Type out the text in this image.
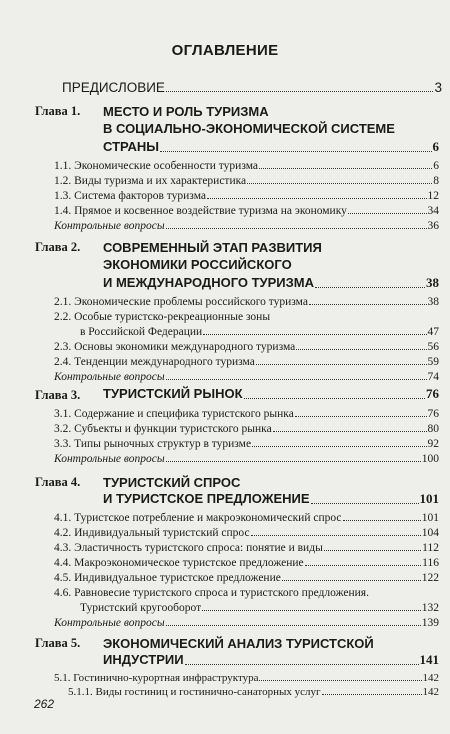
ОГЛАВЛЕНИЕ
ПРЕДИСЛОВИЕ	3
Глава 1. МЕСТО И РОЛЬ ТУРИЗМА
В СОЦИАЛЬНО-ЭКОНОМИЧЕСКОЙ СИСТЕМЕ
СТРАНЫ	6
1.1. Экономические особенности туризма	6
1.2. Виды туризма и их характеристика	8
1.3. Система факторов туризма	12
1.4. Прямое и косвенное воздействие туризма на экономику	34
Контрольные вопросы	36
Глава 2. СОВРЕМЕННЫЙ ЭТАП РАЗВИТИЯ
ЭКОНОМИКИ РОССИЙСКОГО
И МЕЖДУНАРОДНОГО ТУРИЗМА	38
2.1. Экономические проблемы российского туризма	38
2.2. Особые туристско-рекреационные зоны
в Российской Федерации	47
2.3. Основы экономики международного туризма	56
2.4. Тенденции международного туризма	59
Контрольные вопросы	74
Глава 3. ТУРИСТСКИЙ РЫНОК	76
3.1. Содержание и специфика туристского рынка	76
3.2. Субъекты и функции туристского рынка	80
3.3. Типы рыночных структур в туризме	92
Контрольные вопросы	100
Глава 4. ТУРИСТСКИЙ СПРОС
И ТУРИСТСКОЕ ПРЕДЛОЖЕНИЕ	101
4.1. Туристское потребление и макроэкономический спрос	101
4.2. Индивидуальный туристский спрос	104
4.3. Эластичность туристского спроса: понятие и виды	112
4.4. Макроэкономическое туристское предложение	116
4.5. Индивидуальное туристское предложение	122
4.6. Равновесие туристского спроса и туристского предложения.
Туристский кругооборот	132
Контрольные вопросы	139
Глава 5. ЭКОНОМИЧЕСКИЙ АНАЛИЗ ТУРИСТСКОЙ
ИНДУСТРИИ	141
5.1. Гостинично-курортная инфраструктура	142
5.1.1. Виды гостиниц и гостинично-санаторных услуг	142
262
